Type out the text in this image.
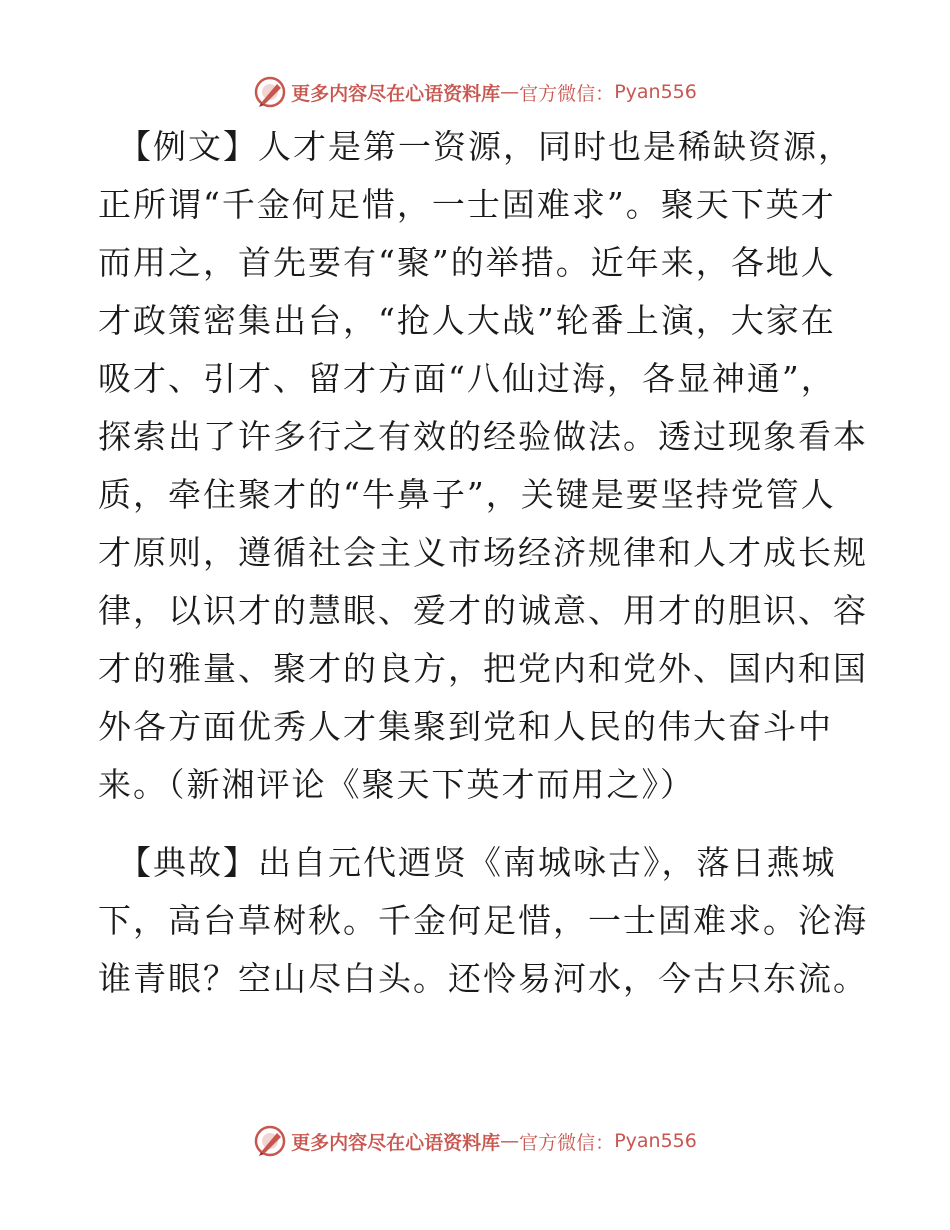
更多内容尽在心语资料库 — 官方微信： Pyan556
【例文】人才是第一资源，同时也是稀缺资源，
正所谓“千金何足惜，一士固难求”。聚天下英才
而用之，首先要有“聚”的举措。近年来，各地人
才政策密集出台，“抢人大战”轮番上演，大家在
吸才、引才、留才方面“八仙过海，各显神通”，
探索出了许多行之有效的经验做法。透过现象看本
质，牵住聚才的“牛鼻子”，关键是要坚持党管人
才原则，遵循社会主义市场经济规律和人才成长规
律，以识才的慧眼、爱才的诚意、用才的胆识、容
才的雅量、聚才的良方，把党内和党外、国内和国
外各方面优秀人才集聚到党和人民的伟大奋斗中
来。（新湘评论《聚天下英才而用之》）
【典故】出自元代迺贤《南城咏古》，落日燕城
下，高台草树秋。千金何足惜，一士固难求。沦海
谁青眼？空山尽白头。还怜易河水，今古只东流。
更多内容尽在心语资料库 — 官方微信： Pyan556
